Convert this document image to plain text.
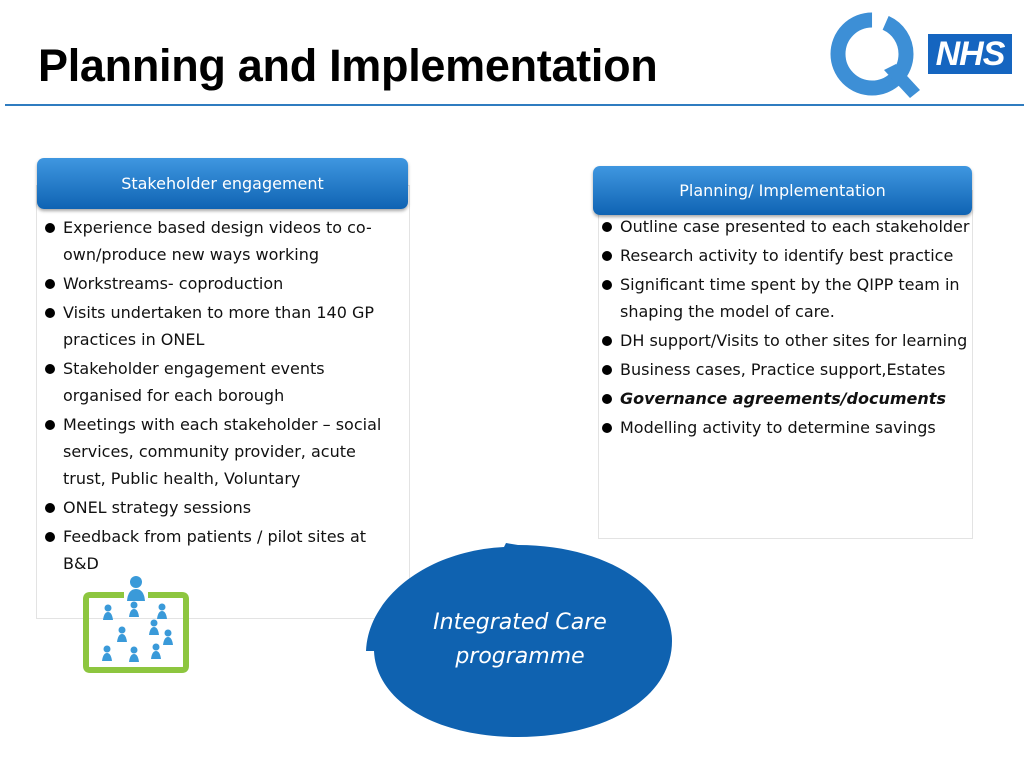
Planning and Implementation	NHS
Stakeholder engagement
Experience based design videos to co-own/produce new ways working
Workstreams- coproduction
Visits undertaken to more than 140 GP practices in ONEL
Stakeholder engagement events organised for each borough
Meetings with each stakeholder – social services, community provider, acute trust, Public health, Voluntary
ONEL strategy sessions
Feedback from patients / pilot sites at B&D
Planning/ Implementation
Outline case presented to each stakeholder
Research activity to identify best practice
Significant time spent by the QIPP team in shaping the model of care.
DH support/Visits to other sites for learning
Business cases, Practice support,Estates
Governance agreements/documents
Modelling activity to determine savings
Integrated Care programme
